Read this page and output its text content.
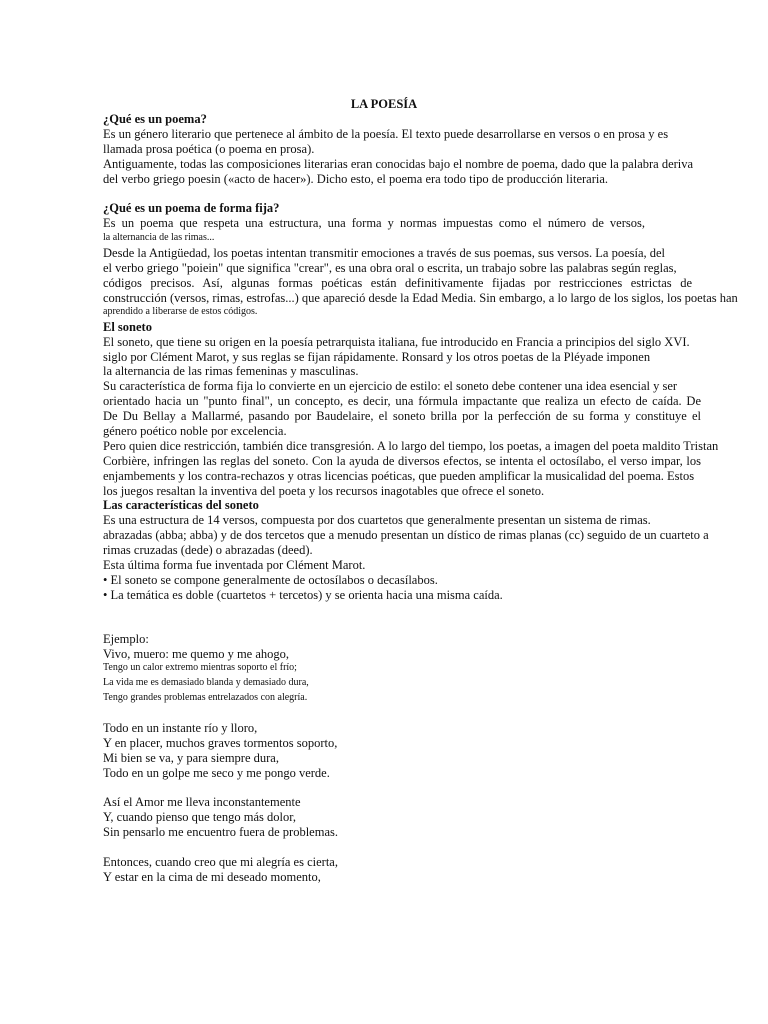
LA POESÍA
¿Qué es un poema?
Es un género literario que pertenece al ámbito de la poesía. El texto puede desarrollarse en versos o en prosa y es
llamada prosa poética (o poema en prosa).
Antiguamente, todas las composiciones literarias eran conocidas bajo el nombre de poema, dado que la palabra deriva
del verbo griego poesin («acto de hacer»). Dicho esto, el poema era todo tipo de producción literaria.
¿Qué es un poema de forma fija?
Es un poema que respeta una estructura, una forma y normas impuestas como el número de versos,
la alternancia de las rimas...
Desde la Antigüedad, los poetas intentan transmitir emociones a través de sus poemas, sus versos. La poesía, del
el verbo griego "poiein" que significa "crear", es una obra oral o escrita, un trabajo sobre las palabras según reglas,
códigos precisos. Así, algunas formas poéticas están definitivamente fijadas por restricciones estrictas de
construcción (versos, rimas, estrofas...) que apareció desde la Edad Media. Sin embargo, a lo largo de los siglos, los poetas han
aprendido a liberarse de estos códigos.
El soneto
El soneto, que tiene su origen en la poesía petrarquista italiana, fue introducido en Francia a principios del siglo XVI.
siglo por Clément Marot, y sus reglas se fijan rápidamente. Ronsard y los otros poetas de la Pléyade imponen
la alternancia de las rimas femeninas y masculinas.
Su característica de forma fija lo convierte en un ejercicio de estilo: el soneto debe contener una idea esencial y ser
orientado hacia un "punto final", un concepto, es decir, una fórmula impactante que realiza un efecto de caída. De
De Du Bellay a Mallarmé, pasando por Baudelaire, el soneto brilla por la perfección de su forma y constituye el
género poético noble por excelencia.
Pero quien dice restricción, también dice transgresión. A lo largo del tiempo, los poetas, a imagen del poeta maldito Tristan
Corbière, infringen las reglas del soneto. Con la ayuda de diversos efectos, se intenta el octosílabo, el verso impar, los
enjambements y los contra-rechazos y otras licencias poéticas, que pueden amplificar la musicalidad del poema. Estos
los juegos resaltan la inventiva del poeta y los recursos inagotables que ofrece el soneto.
Las características del soneto
Es una estructura de 14 versos, compuesta por dos cuartetos que generalmente presentan un sistema de rimas.
abrazadas (abba; abba) y de dos tercetos que a menudo presentan un dístico de rimas planas (cc) seguido de un cuarteto a
rimas cruzadas (dede) o abrazadas (deed).
Esta última forma fue inventada por Clément Marot.
• El soneto se compone generalmente de octosílabos o decasílabos.
• La temática es doble (cuartetos + tercetos) y se orienta hacia una misma caída.
Ejemplo:
Vivo, muero: me quemo y me ahogo,
Tengo un calor extremo mientras soporto el frío;
La vida me es demasiado blanda y demasiado dura,
Tengo grandes problemas entrelazados con alegría.
Todo en un instante río y lloro,
Y en placer, muchos graves tormentos soporto,
Mi bien se va, y para siempre dura,
Todo en un golpe me seco y me pongo verde.
Así el Amor me lleva inconstantemente
Y, cuando pienso que tengo más dolor,
Sin pensarlo me encuentro fuera de problemas.
Entonces, cuando creo que mi alegría es cierta,
Y estar en la cima de mi deseado momento,
